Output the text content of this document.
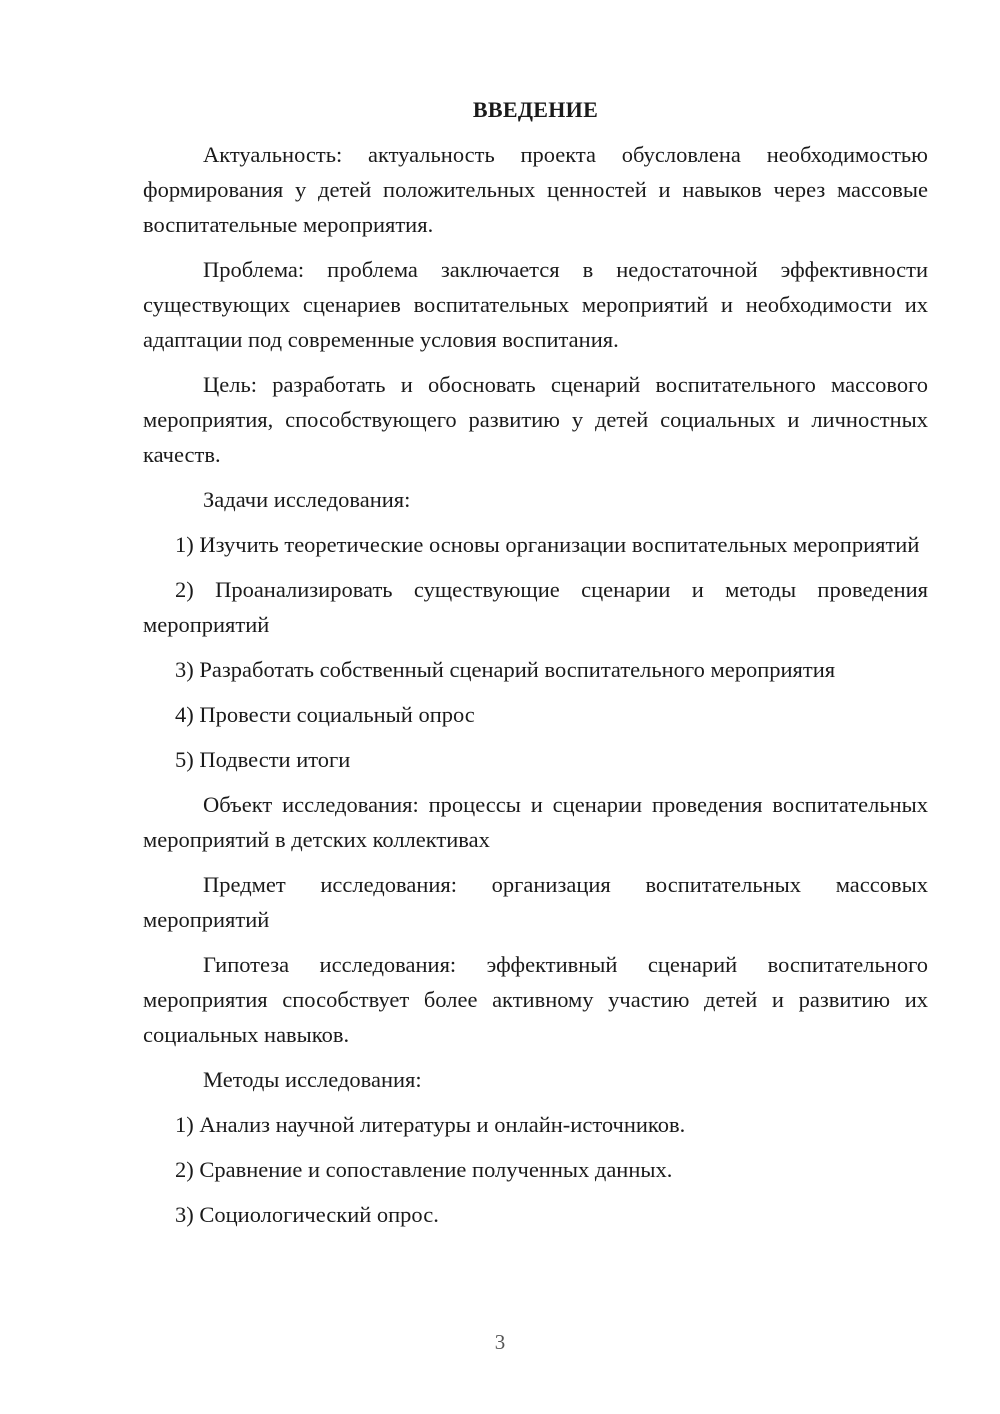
ВВЕДЕНИЕ
Актуальность: актуальность проекта обусловлена необходимостью формирования у детей положительных ценностей и навыков через массовые воспитательные мероприятия.
Проблема: проблема заключается в недостаточной эффективности существующих сценариев воспитательных мероприятий и необходимости их адаптации под современные условия воспитания.
Цель: разработать и обосновать сценарий воспитательного массового мероприятия, способствующего развитию у детей социальных и личностных качеств.
Задачи исследования:
1) Изучить теоретические основы организации воспитательных мероприятий
2) Проанализировать существующие сценарии и методы проведения мероприятий
3) Разработать собственный сценарий воспитательного мероприятия
4) Провести социальный опрос
5) Подвести итоги
Объект исследования: процессы и сценарии проведения воспитательных мероприятий в детских коллективах
Предмет исследования: организация воспитательных массовых мероприятий
Гипотеза исследования: эффективный сценарий воспитательного мероприятия способствует более активному участию детей и развитию их социальных навыков.
Методы исследования:
1) Анализ научной литературы и онлайн-источников.
2) Сравнение и сопоставление полученных данных.
3) Социологический опрос.
3
